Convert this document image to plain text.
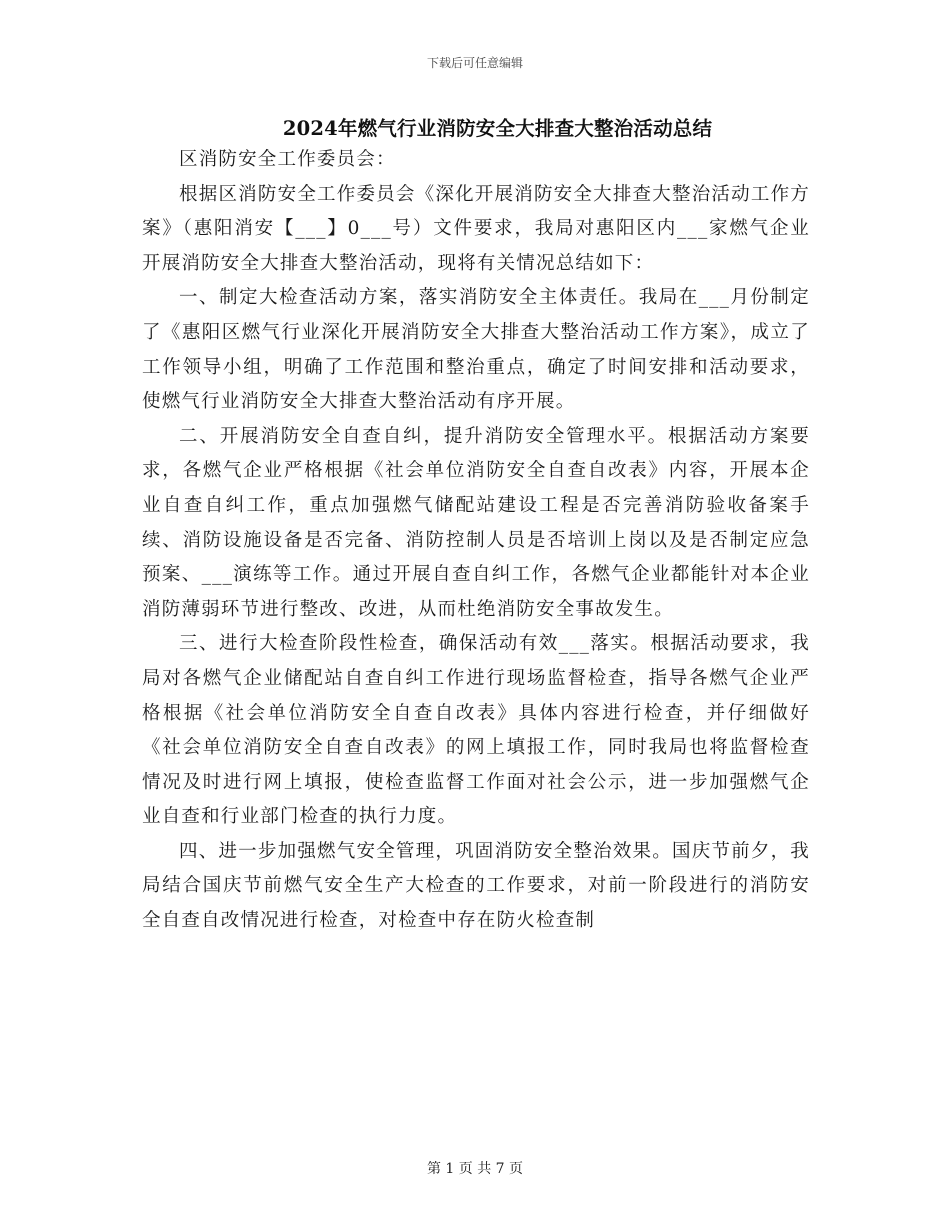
下载后可任意编辑
2024年燃气行业消防安全大排查大整治活动总结

区消防安全工作委员会：

根据区消防安全工作委员会《深化开展消防安全大排查大整治活动工作方案》（惠阳消安【___】0___号）文件要求，我局对惠阳区内___家燃气企业开展消防安全大排查大整治活动，现将有关情况总结如下：

一、制定大检查活动方案，落实消防安全主体责任。我局在___月份制定了《惠阳区燃气行业深化开展消防安全大排查大整治活动工作方案》，成立了工作领导小组，明确了工作范围和整治重点，确定了时间安排和活动要求，使燃气行业消防安全大排查大整治活动有序开展。

二、开展消防安全自查自纠，提升消防安全管理水平。根据活动方案要求，各燃气企业严格根据《社会单位消防安全自查自改表》内容，开展本企业自查自纠工作，重点加强燃气储配站建设工程是否完善消防验收备案手续、消防设施设备是否完备、消防控制人员是否培训上岗以及是否制定应急预案、___演练等工作。通过开展自查自纠工作，各燃气企业都能针对本企业消防薄弱环节进行整改、改进，从而杜绝消防安全事故发生。

三、进行大检查阶段性检查，确保活动有效___落实。根据活动要求，我局对各燃气企业储配站自查自纠工作进行现场监督检查，指导各燃气企业严格根据《社会单位消防安全自查自改表》具体内容进行检查，并仔细做好《社会单位消防安全自查自改表》的网上填报工作，同时我局也将监督检查情况及时进行网上填报，使检查监督工作面对社会公示，进一步加强燃气企业自查和行业部门检查的执行力度。

四、进一步加强燃气安全管理，巩固消防安全整治效果。国庆节前夕，我局结合国庆节前燃气安全生产大检查的工作要求，对前一阶段进行的消防安全自查自改情况进行检查，对检查中存在防火检查制

第 1 页 共 7 页
